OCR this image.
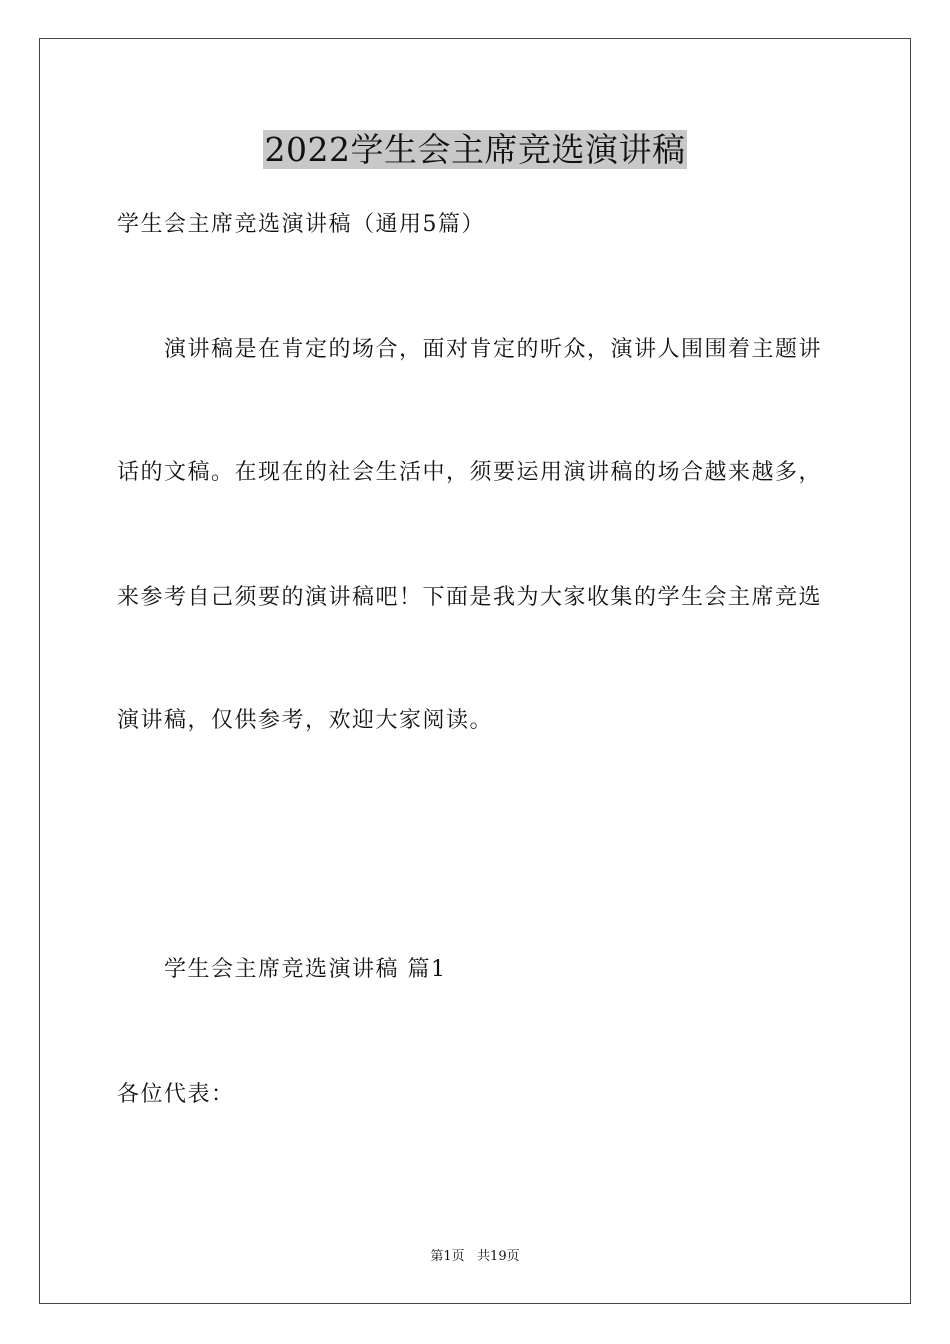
2022学生会主席竞选演讲稿
学生会主席竞选演讲稿（通用5篇）
演讲稿是在肯定的场合，面对肯定的听众，演讲人围围着主题讲
话的文稿。在现在的社会生活中，须要运用演讲稿的场合越来越多，
来参考自己须要的演讲稿吧！下面是我为大家收集的学生会主席竞选
演讲稿，仅供参考，欢迎大家阅读。
学生会主席竞选演讲稿 篇1
各位代表：
第1页   共19页
